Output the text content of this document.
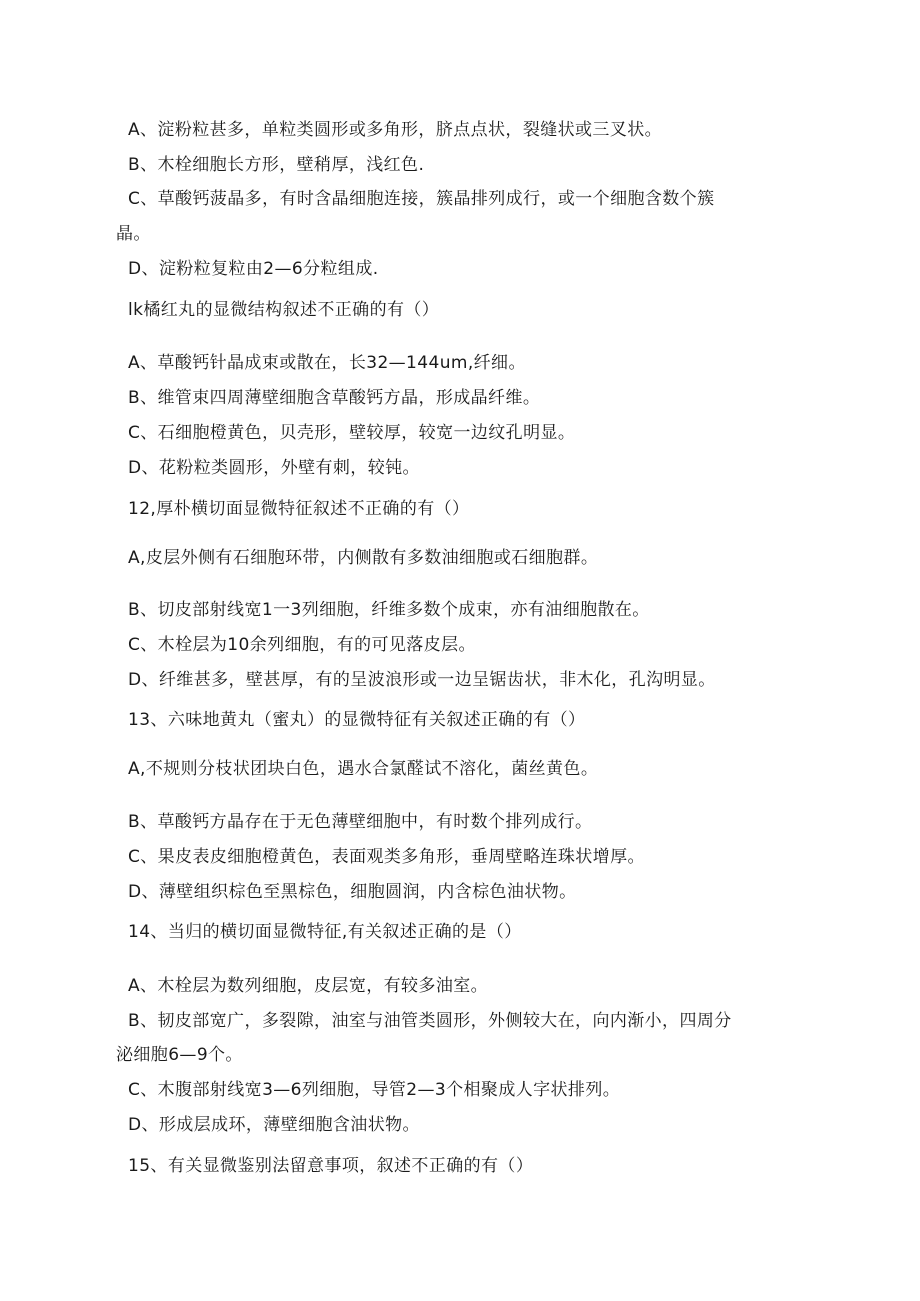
A、淀粉粒甚多，单粒类圆形或多角形，脐点点状，裂缝状或三叉状。
B、木栓细胞长方形，壁稍厚，浅红色.
C、草酸钙菠晶多，有时含晶细胞连接，簇晶排列成行，或一个细胞含数个簇
晶。
D、淀粉粒复粒由2—6分粒组成.
lk橘红丸的显微结构叙述不正确的有（）
A、草酸钙针晶成束或散在，长32—144um,纤细。
B、维管束四周薄壁细胞含草酸钙方晶，形成晶纤维。
C、石细胞橙黄色，贝壳形，壁较厚，较宽一边纹孔明显。
D、花粉粒类圆形，外壁有刺，较钝。
12,厚朴横切面显微特征叙述不正确的有（）
A,皮层外侧有石细胞环带，内侧散有多数油细胞或石细胞群。
B、切皮部射线宽1一3列细胞，纤维多数个成束，亦有油细胞散在。
C、木栓层为10余列细胞，有的可见落皮层。
D、纤维甚多，壁甚厚，有的呈波浪形或一边呈锯齿状，非木化，孔沟明显。
13、六味地黄丸（蜜丸）的显微特征有关叙述正确的有（）
A,不规则分枝状团块白色，遇水合氯醛试不溶化，菌丝黄色。
B、草酸钙方晶存在于无色薄壁细胞中，有时数个排列成行。
C、果皮表皮细胞橙黄色，表面观类多角形，垂周壁略连珠状增厚。
D、薄壁组织棕色至黑棕色，细胞圆润，内含棕色油状物。
14、当归的横切面显微特征,有关叙述正确的是（）
A、木栓层为数列细胞，皮层宽，有较多油室。
B、韧皮部宽广，多裂隙，油室与油管类圆形，外侧较大在，向内渐小，四周分
泌细胞6—9个。
C、木腹部射线宽3—6列细胞，导管2—3个相聚成人字状排列。
D、形成层成环，薄壁细胞含油状物。
15、有关显微鉴别法留意事项，叙述不正确的有（）
